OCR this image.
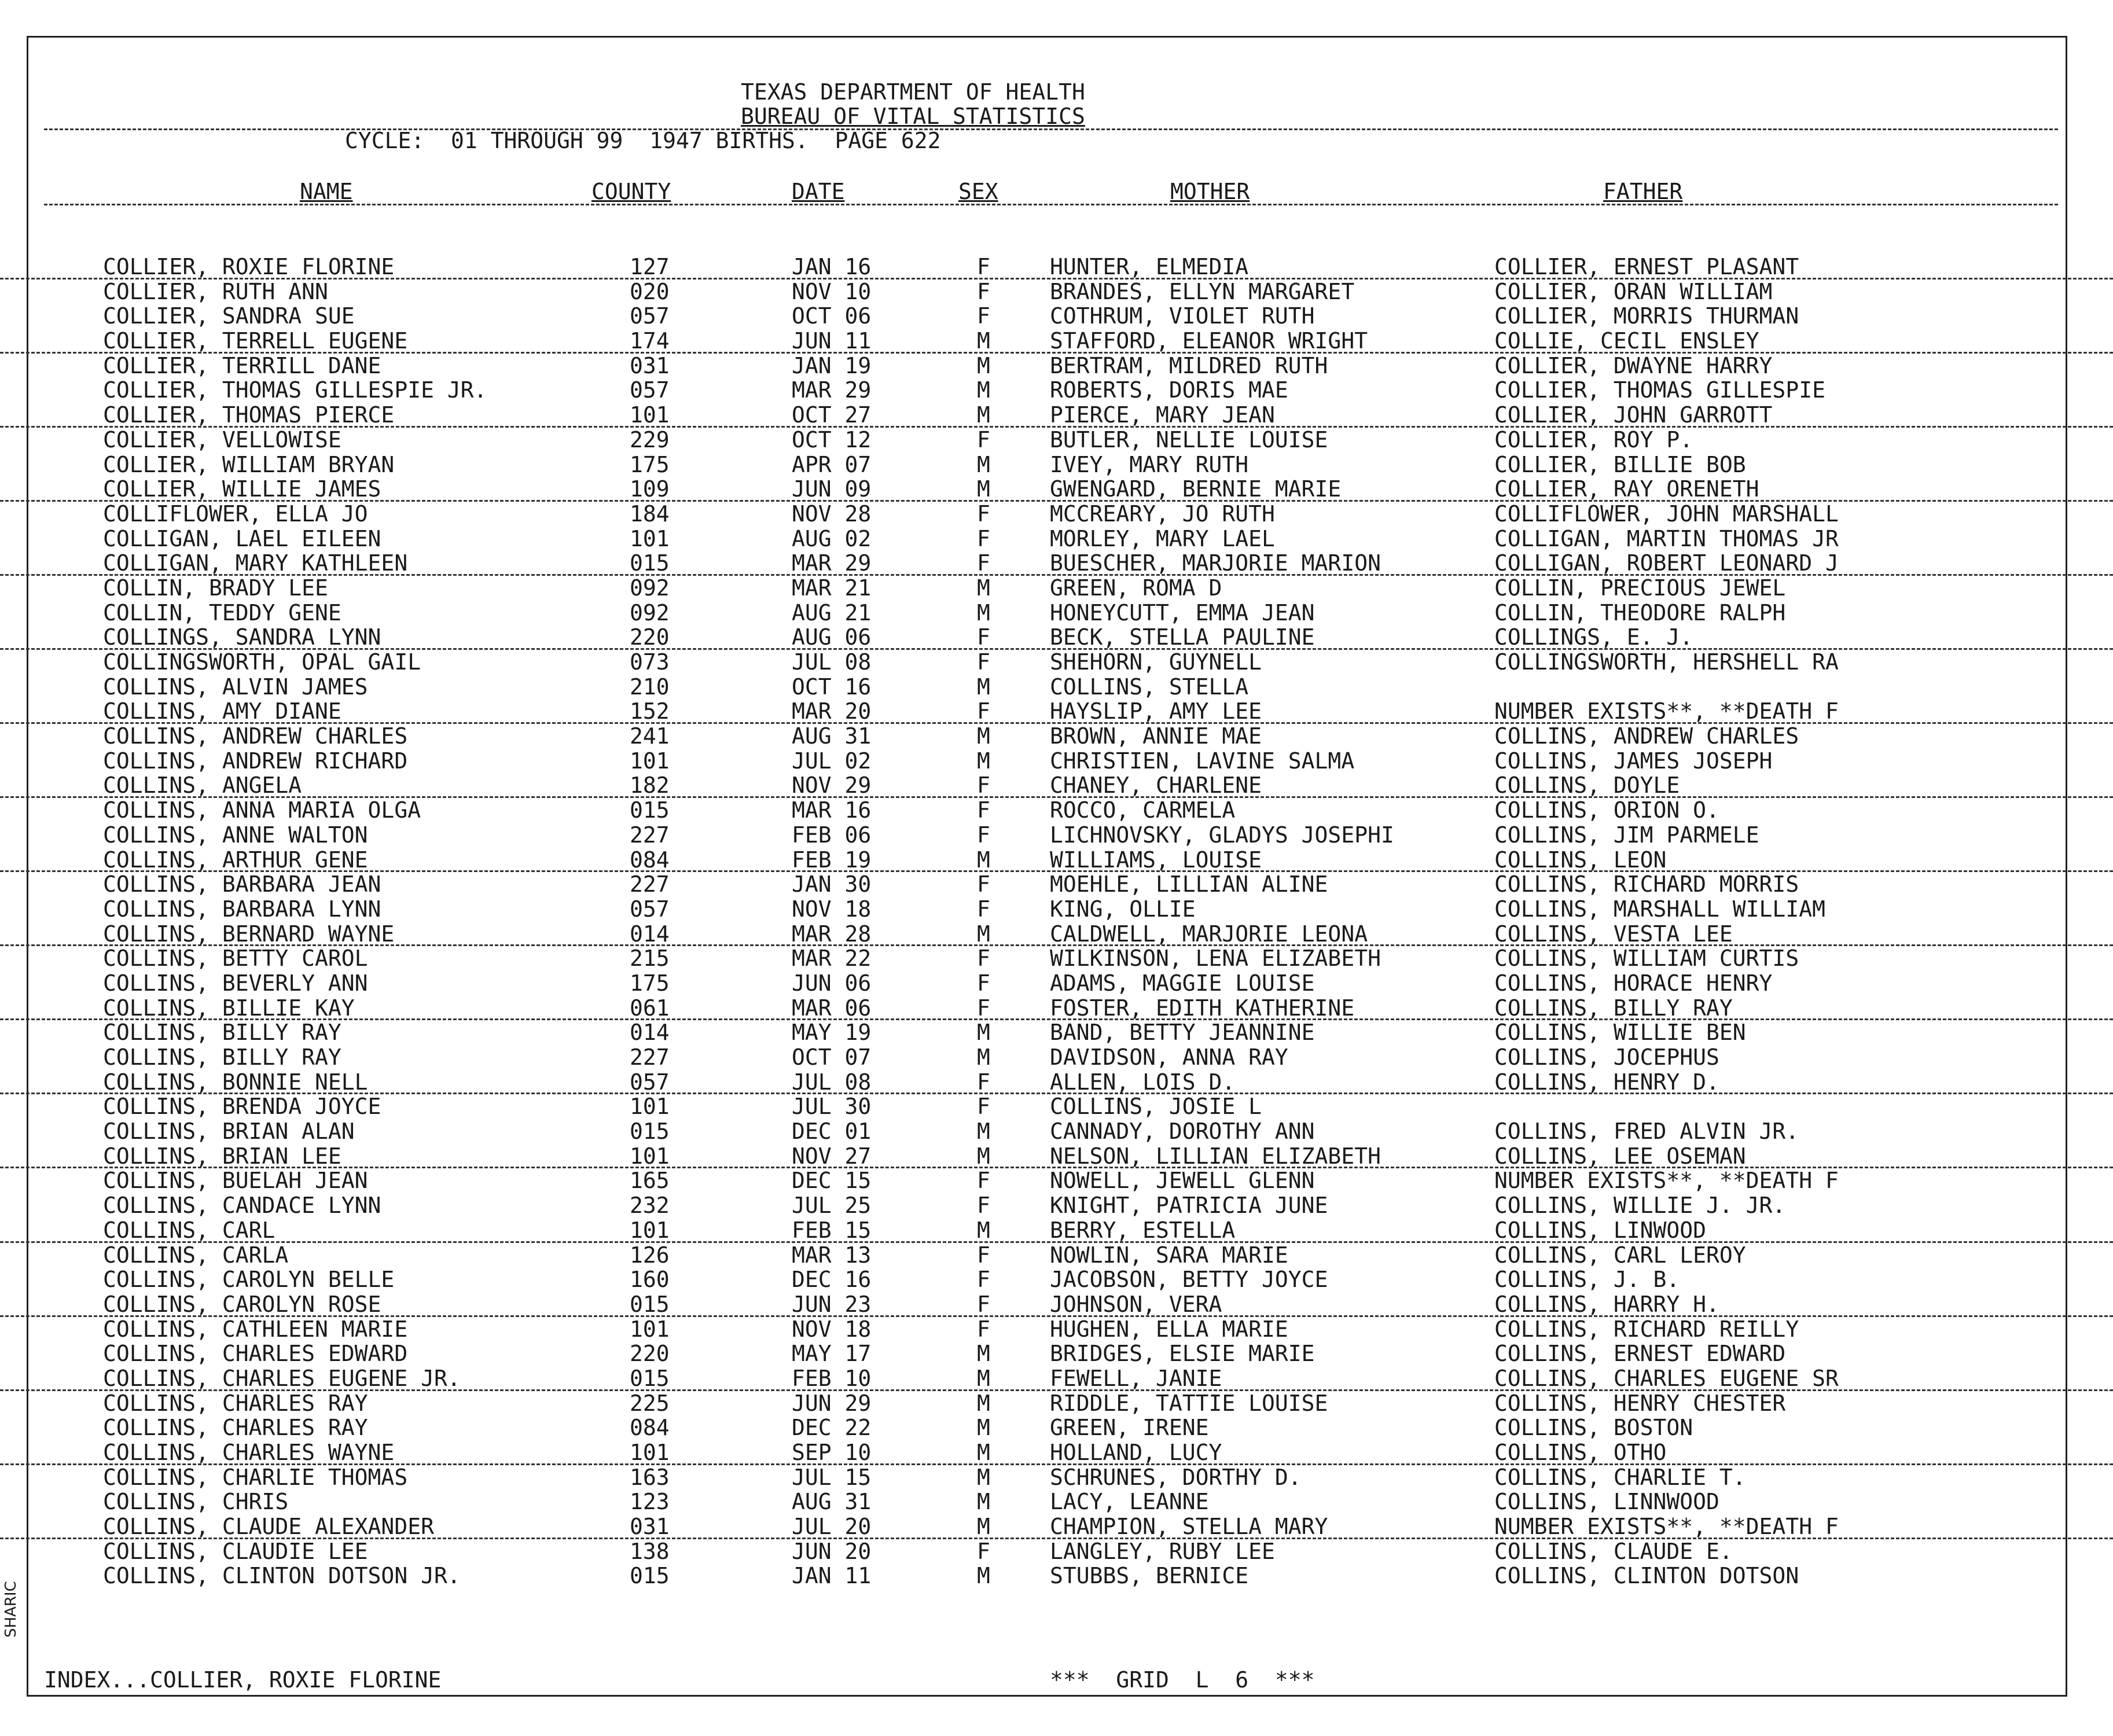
TEXAS DEPARTMENT OF HEALTH
BUREAU OF VITAL STATISTICS
CYCLE:  01 THROUGH 99  1947 BIRTHS.  PAGE 622
NAME	COUNTY	DATE	SEX	MOTHER	FATHER
COLLIER, ROXIE FLORINE	127	JAN 16	F	HUNTER, ELMEDIA	COLLIER, ERNEST PLASANT
COLLIER, RUTH ANN	020	NOV 10	F	BRANDES, ELLYN MARGARET	COLLIER, ORAN WILLIAM
COLLIER, SANDRA SUE	057	OCT 06	F	COTHRUM, VIOLET RUTH	COLLIER, MORRIS THURMAN
COLLIER, TERRELL EUGENE	174	JUN 11	M	STAFFORD, ELEANOR WRIGHT	COLLIE, CECIL ENSLEY
COLLIER, TERRILL DANE	031	JAN 19	M	BERTRAM, MILDRED RUTH	COLLIER, DWAYNE HARRY
COLLIER, THOMAS GILLESPIE JR.	057	MAR 29	M	ROBERTS, DORIS MAE	COLLIER, THOMAS GILLESPIE
COLLIER, THOMAS PIERCE	101	OCT 27	M	PIERCE, MARY JEAN	COLLIER, JOHN GARROTT
COLLIER, VELLOWISE	229	OCT 12	F	BUTLER, NELLIE LOUISE	COLLIER, ROY P.
COLLIER, WILLIAM BRYAN	175	APR 07	M	IVEY, MARY RUTH	COLLIER, BILLIE BOB
COLLIER, WILLIE JAMES	109	JUN 09	M	GWENGARD, BERNIE MARIE	COLLIER, RAY ORENETH
COLLIFLOWER, ELLA JO	184	NOV 28	F	MCCREARY, JO RUTH	COLLIFLOWER, JOHN MARSHALL
COLLIGAN, LAEL EILEEN	101	AUG 02	F	MORLEY, MARY LAEL	COLLIGAN, MARTIN THOMAS JR
COLLIGAN, MARY KATHLEEN	015	MAR 29	F	BUESCHER, MARJORIE MARION	COLLIGAN, ROBERT LEONARD J
COLLIN, BRADY LEE	092	MAR 21	M	GREEN, ROMA D	COLLIN, PRECIOUS JEWEL
COLLIN, TEDDY GENE	092	AUG 21	M	HONEYCUTT, EMMA JEAN	COLLIN, THEODORE RALPH
COLLINGS, SANDRA LYNN	220	AUG 06	F	BECK, STELLA PAULINE	COLLINGS, E. J.
COLLINGSWORTH, OPAL GAIL	073	JUL 08	F	SHEHORN, GUYNELL	COLLINGSWORTH, HERSHELL RA
COLLINS, ALVIN JAMES	210	OCT 16	M	COLLINS, STELLA
COLLINS, AMY DIANE	152	MAR 20	F	HAYSLIP, AMY LEE	NUMBER EXISTS**, **DEATH F
COLLINS, ANDREW CHARLES	241	AUG 31	M	BROWN, ANNIE MAE	COLLINS, ANDREW CHARLES
COLLINS, ANDREW RICHARD	101	JUL 02	M	CHRISTIEN, LAVINE SALMA	COLLINS, JAMES JOSEPH
COLLINS, ANGELA	182	NOV 29	F	CHANEY, CHARLENE	COLLINS, DOYLE
COLLINS, ANNA MARIA OLGA	015	MAR 16	F	ROCCO, CARMELA	COLLINS, ORION O.
COLLINS, ANNE WALTON	227	FEB 06	F	LICHNOVSKY, GLADYS JOSEPHI	COLLINS, JIM PARMELE
COLLINS, ARTHUR GENE	084	FEB 19	M	WILLIAMS, LOUISE	COLLINS, LEON
COLLINS, BARBARA JEAN	227	JAN 30	F	MOEHLE, LILLIAN ALINE	COLLINS, RICHARD MORRIS
COLLINS, BARBARA LYNN	057	NOV 18	F	KING, OLLIE	COLLINS, MARSHALL WILLIAM
COLLINS, BERNARD WAYNE	014	MAR 28	M	CALDWELL, MARJORIE LEONA	COLLINS, VESTA LEE
COLLINS, BETTY CAROL	215	MAR 22	F	WILKINSON, LENA ELIZABETH	COLLINS, WILLIAM CURTIS
COLLINS, BEVERLY ANN	175	JUN 06	F	ADAMS, MAGGIE LOUISE	COLLINS, HORACE HENRY
COLLINS, BILLIE KAY	061	MAR 06	F	FOSTER, EDITH KATHERINE	COLLINS, BILLY RAY
COLLINS, BILLY RAY	014	MAY 19	M	BAND, BETTY JEANNINE	COLLINS, WILLIE BEN
COLLINS, BILLY RAY	227	OCT 07	M	DAVIDSON, ANNA RAY	COLLINS, JOCEPHUS
COLLINS, BONNIE NELL	057	JUL 08	F	ALLEN, LOIS D.	COLLINS, HENRY D.
COLLINS, BRENDA JOYCE	101	JUL 30	F	COLLINS, JOSIE L
COLLINS, BRIAN ALAN	015	DEC 01	M	CANNADY, DOROTHY ANN	COLLINS, FRED ALVIN JR.
COLLINS, BRIAN LEE	101	NOV 27	M	NELSON, LILLIAN ELIZABETH	COLLINS, LEE OSEMAN
COLLINS, BUELAH JEAN	165	DEC 15	F	NOWELL, JEWELL GLENN	NUMBER EXISTS**, **DEATH F
COLLINS, CANDACE LYNN	232	JUL 25	F	KNIGHT, PATRICIA JUNE	COLLINS, WILLIE J. JR.
COLLINS, CARL	101	FEB 15	M	BERRY, ESTELLA	COLLINS, LINWOOD
COLLINS, CARLA	126	MAR 13	F	NOWLIN, SARA MARIE	COLLINS, CARL LEROY
COLLINS, CAROLYN BELLE	160	DEC 16	F	JACOBSON, BETTY JOYCE	COLLINS, J. B.
COLLINS, CAROLYN ROSE	015	JUN 23	F	JOHNSON, VERA	COLLINS, HARRY H.
COLLINS, CATHLEEN MARIE	101	NOV 18	F	HUGHEN, ELLA MARIE	COLLINS, RICHARD REILLY
COLLINS, CHARLES EDWARD	220	MAY 17	M	BRIDGES, ELSIE MARIE	COLLINS, ERNEST EDWARD
COLLINS, CHARLES EUGENE JR.	015	FEB 10	M	FEWELL, JANIE	COLLINS, CHARLES EUGENE SR
COLLINS, CHARLES RAY	225	JUN 29	M	RIDDLE, TATTIE LOUISE	COLLINS, HENRY CHESTER
COLLINS, CHARLES RAY	084	DEC 22	M	GREEN, IRENE	COLLINS, BOSTON
COLLINS, CHARLES WAYNE	101	SEP 10	M	HOLLAND, LUCY	COLLINS, OTHO
COLLINS, CHARLIE THOMAS	163	JUL 15	M	SCHRUNES, DORTHY D.	COLLINS, CHARLIE T.
COLLINS, CHRIS	123	AUG 31	M	LACY, LEANNE	COLLINS, LINNWOOD
COLLINS, CLAUDE ALEXANDER	031	JUL 20	M	CHAMPION, STELLA MARY	NUMBER EXISTS**, **DEATH F
COLLINS, CLAUDIE LEE	138	JUN 20	F	LANGLEY, RUBY LEE	COLLINS, CLAUDE E.
COLLINS, CLINTON DOTSON JR.	015	JAN 11	M	STUBBS, BERNICE	COLLINS, CLINTON DOTSON
INDEX...COLLIER, ROXIE FLORINE	***  GRID  L  6  ***
SHARIC
